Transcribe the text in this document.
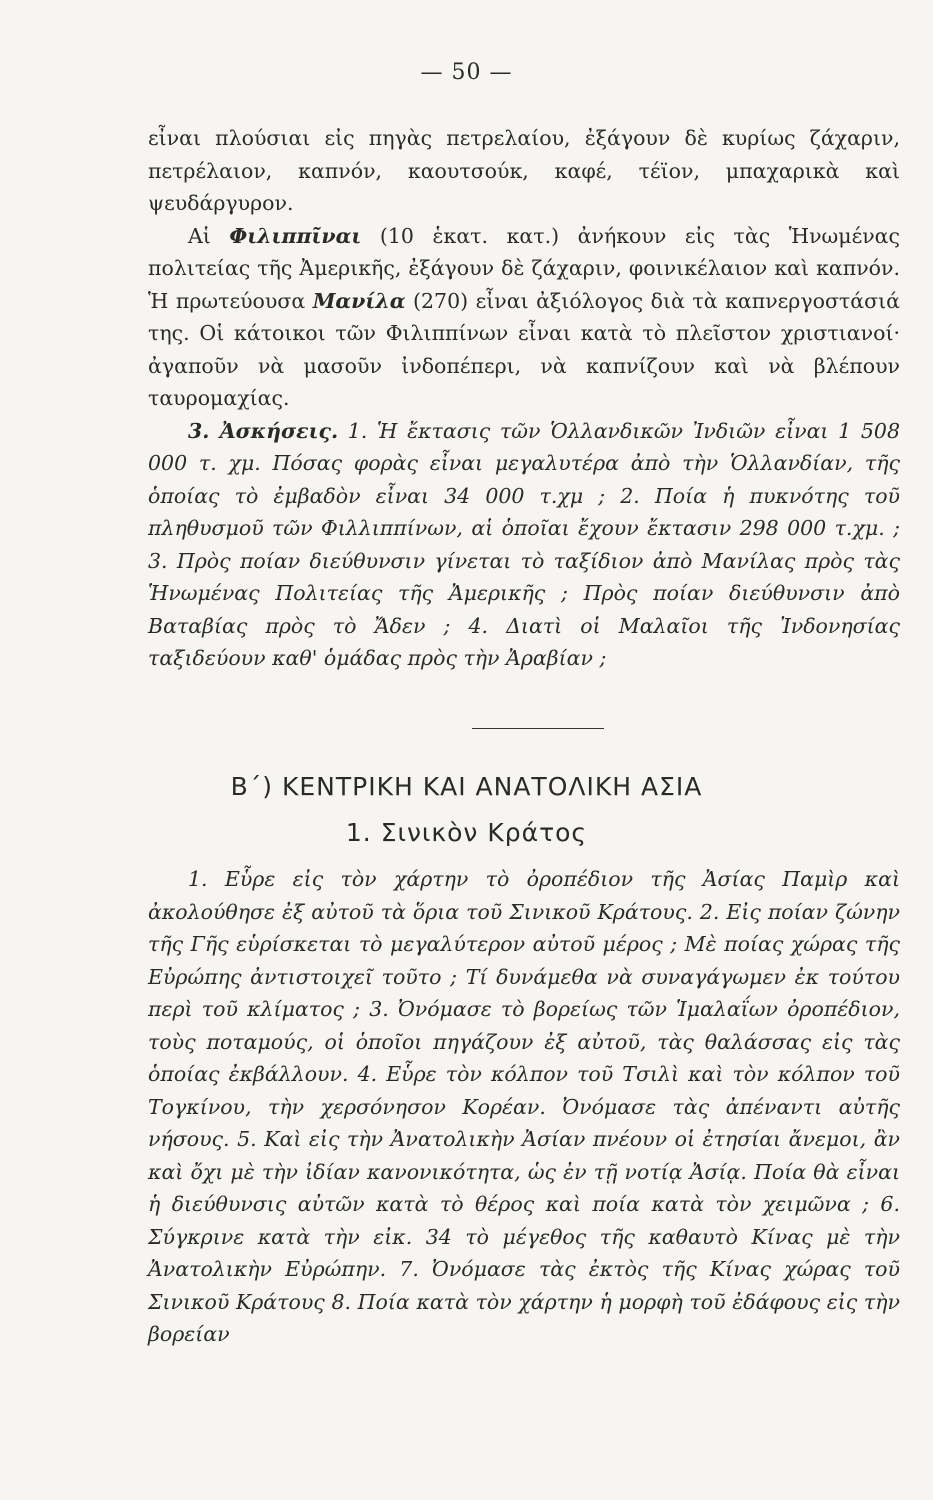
— 50 —

εἶναι πλούσιαι εἰς πηγὰς πετρελαίου, ἐξάγουν δὲ κυρίως ζάχαριν, πετρέλαιον, καπνόν, καουτσούκ, καφέ, τέϊον, μπαχαρικὰ καὶ ψευδάργυρον.

Αἱ Φιλιππῖναι (10 ἑκατ. κατ.) ἀνήκουν εἰς τὰς Ἡνωμένας πολιτείας τῆς Ἀμερικῆς, ἐξάγουν δὲ ζάχαριν, φοινικέλαιον καὶ καπνόν. Ἡ πρωτεύουσα Μανίλα (270) εἶναι ἀξιόλογος διὰ τὰ καπνεργοστάσιά της. Οἱ κάτοικοι τῶν Φιλιππίνων εἶναι κατὰ τὸ πλεῖστον χριστιανοί· ἀγαποῦν νὰ μασοῦν ἰνδοπέπερι, νὰ καπνίζουν καὶ νὰ βλέπουν ταυρομαχίας.

3. Ἀσκήσεις. 1. Ἡ ἔκτασις τῶν Ὁλλανδικῶν Ἰνδιῶν εἶναι 1 508 000 τ. χμ. Πόσας φορὰς εἶναι μεγαλυτέρα ἀπὸ τὴν Ὁλλανδίαν, τῆς ὁποίας τὸ ἐμβαδὸν εἶναι 34 000 τ.χμ ; 2. Ποία ἡ πυκνότης τοῦ πληθυσμοῦ τῶν Φιλλιππίνων, αἱ ὁποῖαι ἔχουν ἔκτασιν 298 000 τ.χμ. ; 3. Πρὸς ποίαν διεύθυνσιν γίνεται τὸ ταξίδιον ἀπὸ Μανίλας πρὸς τὰς Ἡνωμένας Πολιτείας τῆς Ἀμερικῆς ; Πρὸς ποίαν διεύθυνσιν ἀπὸ Βαταβίας πρὸς τὸ Ἄδεν ; 4. Διατὶ οἱ Μαλαῖοι τῆς Ἰνδονησίας ταξιδεύουν καθ' ὁμάδας πρὸς τὴν Ἀραβίαν ;

Β΄) ΚΕΝΤΡΙΚΗ ΚΑΙ ΑΝΑΤΟΛΙΚΗ ΑΣΙΑ
1. Σινικὸν Κράτος

1. Εὗρε εἰς τὸν χάρτην τὸ ὀροπέδιον τῆς Ἀσίας Παμὶρ καὶ ἀκολούθησε ἐξ αὐτοῦ τὰ ὅρια τοῦ Σινικοῦ Κράτους. 2. Εἰς ποίαν ζώνην τῆς Γῆς εὑρίσκεται τὸ μεγαλύτερον αὐτοῦ μέρος ; Μὲ ποίας χώρας τῆς Εὐρώπης ἀντιστοιχεῖ τοῦτο ; Τί δυνάμεθα νὰ συναγάγωμεν ἐκ τούτου περὶ τοῦ κλίματος ; 3. Ὀνόμασε τὸ βορείως τῶν Ἱμαλαΐων ὀροπέδιον, τοὺς ποταμούς, οἱ ὁποῖοι πηγάζουν ἐξ αὐτοῦ, τὰς θαλάσσας εἰς τὰς ὁποίας ἐκβάλλουν. 4. Εὗρε τὸν κόλπον τοῦ Τσιλὶ καὶ τὸν κόλπον τοῦ Τογκίνου, τὴν χερσόνησον Κορέαν. Ὀνόμασε τὰς ἀπέναντι αὐτῆς νήσους. 5. Καὶ εἰς τὴν Ἀνατολικὴν Ἀσίαν πνέουν οἱ ἐτησίαι ἄνεμοι, ἂν καὶ ὄχι μὲ τὴν ἰδίαν κανονικότητα, ὡς ἐν τῇ νοτίᾳ Ἀσίᾳ. Ποία θὰ εἶναι ἡ διεύθυνσις αὐτῶν κατὰ τὸ θέρος καὶ ποία κατὰ τὸν χειμῶνα ; 6. Σύγκρινε κατὰ τὴν εἰκ. 34 τὸ μέγεθος τῆς καθαυτὸ Κίνας μὲ τὴν Ἀνατολικὴν Εὐρώπην. 7. Ὀνόμασε τὰς ἐκτὸς τῆς Κίνας χώρας τοῦ Σινικοῦ Κράτους 8. Ποία κατὰ τὸν χάρτην ἡ μορφὴ τοῦ ἐδάφους εἰς τὴν βορείαν
